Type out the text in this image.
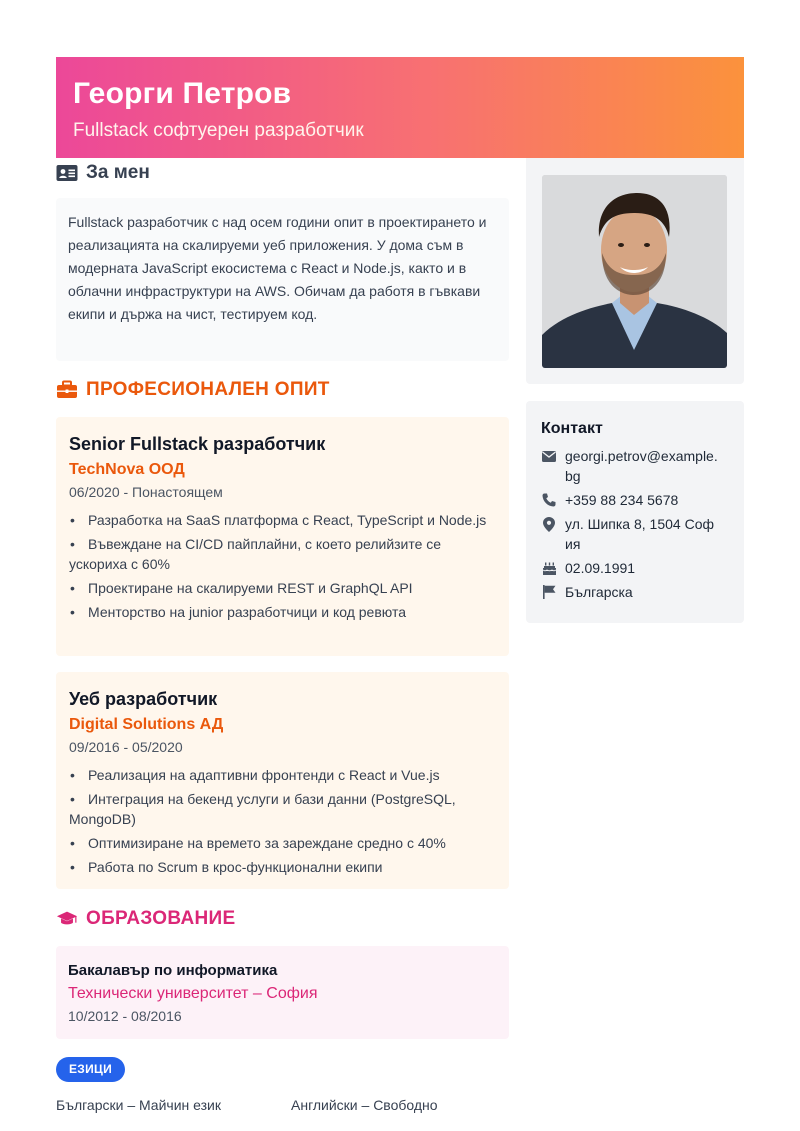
Георги Петров
Fullstack софтуерен разработчик
За мен
Fullstack разработчик с над осем години опит в проектирането и реализацията на скалируеми уеб приложения. У дома съм в модерната JavaScript екосистема с React и Node.js, както и в облачни инфраструктури на AWS. Обичам да работя в гъвкави екипи и държа на чист, тестируем код.
ПРОФЕСИОНАЛЕН ОПИТ
Senior Fullstack разработчик
TechNova ООД
06/2020 - Понастоящем
• Разработка на SaaS платформа с React, TypeScript и Node.js
• Въвеждане на CI/CD пайплайни, с което релийзите се ускориха с 60%
• Проектиране на скалируеми REST и GraphQL API
• Менторство на junior разработчици и код ревюта
Уеб разработчик
Digital Solutions АД
09/2016 - 05/2020
• Реализация на адаптивни фронтенди с React и Vue.js
• Интеграция на бекенд услуги и бази данни (PostgreSQL, MongoDB)
• Оптимизиране на времето за зареждане средно с 40%
• Работа по Scrum в крос-функционални екипи
ОБРАЗОВАНИЕ
Бакалавър по информатика
Технически университет – София
10/2012 - 08/2016
ЕЗИЦИ
Български – Майчин език	Английски – Свободно
Контакт
georgi.petrov@example.bg
+359 88 234 5678
ул. Шипка 8, 1504 София
02.09.1991
Българска
